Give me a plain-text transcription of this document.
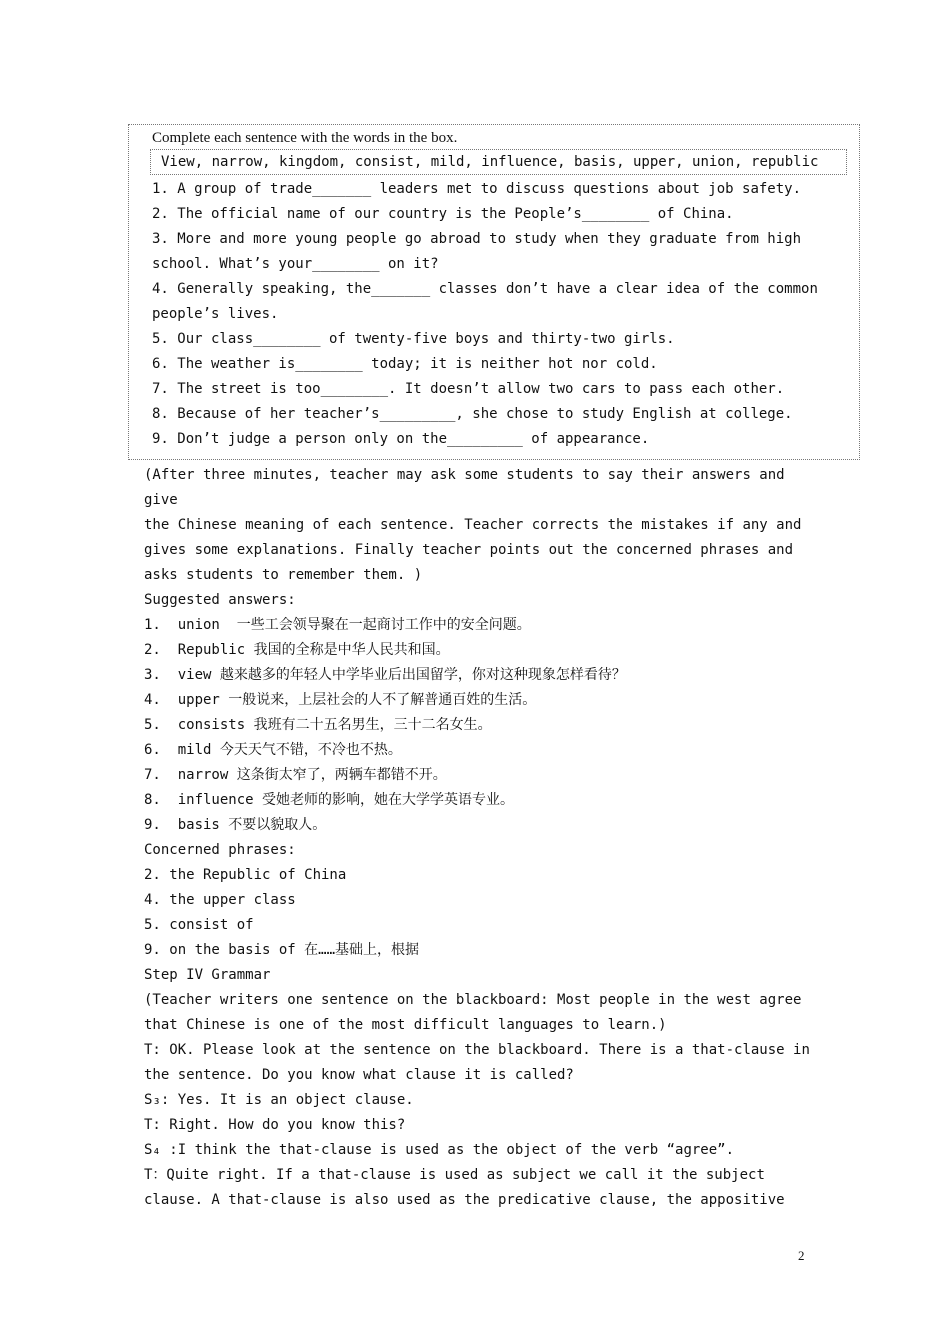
Complete each sentence with the words in the box.
View, narrow, kingdom, consist, mild, influence, basis, upper, union, republic
1. A group of trade_______ leaders met to discuss questions about job safety.
2. The official name of our country is the People’s________ of China.
3. More and more young people go abroad to study when they graduate from high
school. What’s your________ on it?
4. Generally speaking, the_______ classes don’t have a clear idea of the common
people’s lives.
5. Our class________ of twenty-five boys and thirty-two girls.
6. The weather is________ today; it is neither hot nor cold.
7. The street is too________. It doesn’t allow two cars to pass each other.
8. Because of her teacher’s_________, she chose to study English at college.
9. Don’t judge a person only on the_________ of appearance.
(After three minutes, teacher may ask some students to say their answers and
give
the Chinese meaning of each sentence. Teacher corrects the mistakes if any and
gives some explanations. Finally teacher points out the concerned phrases and
asks students to remember them. )
Suggested answers:
1.  union  一些工会领导聚在一起商讨工作中的安全问题。
2.  Republic 我国的全称是中华人民共和国。
3.  view 越来越多的年轻人中学毕业后出国留学，你对这种现象怎样看待？
4.  upper 一般说来，上层社会的人不了解普通百姓的生活。
5.  consists 我班有二十五名男生，三十二名女生。
6.  mild 今天天气不错，不冷也不热。
7.  narrow 这条街太窄了，两辆车都错不开。
8.  influence 受她老师的影响，她在大学学英语专业。
9.  basis 不要以貌取人。
Concerned phrases:
2. the Republic of China
4. the upper class
5. consist of
9. on the basis of 在……基础上，根据
Step IV Grammar
(Teacher writers one sentence on the blackboard: Most people in the west agree
that Chinese is one of the most difficult languages to learn.)
T: OK. Please look at the sentence on the blackboard. There is a that-clause in
the sentence. Do you know what clause it is called?
S₃: Yes. It is an object clause.
T: Right. How do you know this?
S₄ :I think the that-clause is used as the object of the verb “agree”.
T：Quite right. If a that-clause is used as subject we call it the subject
clause. A that-clause is also used as the predicative clause, the appositive
2
